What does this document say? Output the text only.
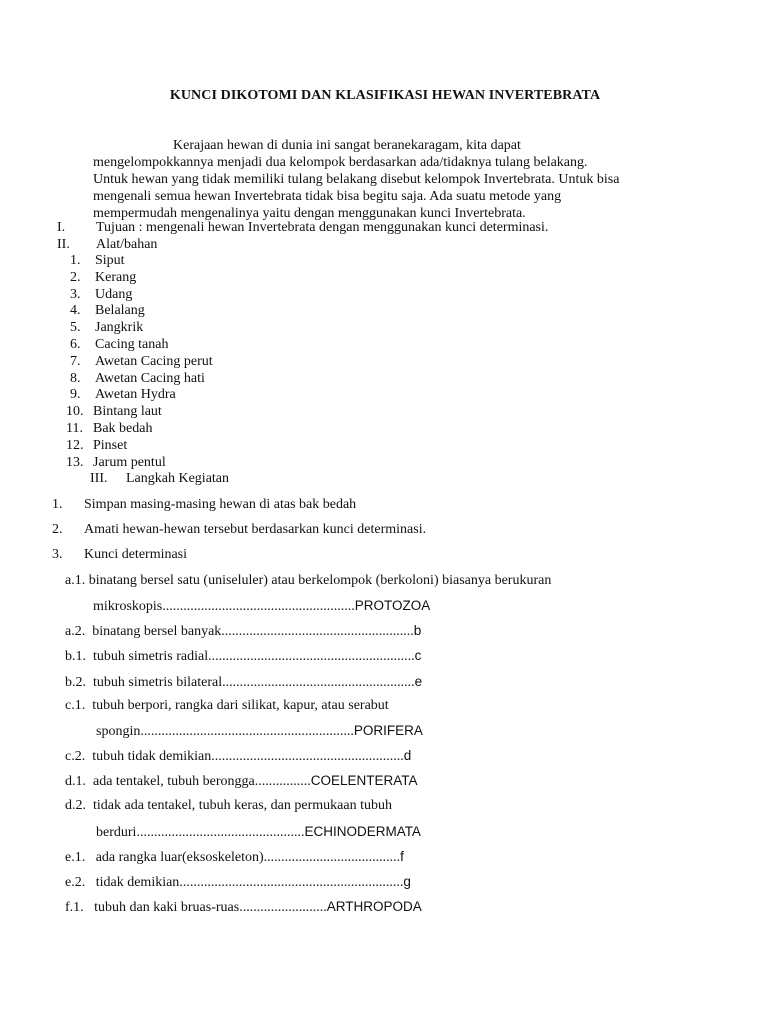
KUNCI DIKOTOMI DAN KLASIFIKASI HEWAN INVERTEBRATA

Kerajaan hewan di dunia ini sangat beranekaragam, kita dapat

mengelompokkannya menjadi dua kelompok berdasarkan ada/tidaknya tulang belakang.

Untuk hewan yang tidak memiliki tulang belakang disebut kelompok Invertebrata. Untuk bisa

mengenali semua hewan Invertebrata tidak bisa begitu saja. Ada suatu metode yang

mempermudah mengenalinya yaitu dengan menggunakan kunci Invertebrata.

I. Tujuan : mengenali hewan Invertebrata dengan menggunakan kunci determinasi.
II. Alat/bahan
1.	Siput
2.	Kerang
3.	Udang
4.	Belalang
5.	Jangkrik
6.	Cacing tanah
7.	Awetan Cacing perut
8.	Awetan Cacing hati
9.	Awetan Hydra
10. Bintang laut
11. Bak bedah
12. Pinset
13. Jarum pentul
III. Langkah Kegiatan
1. Simpan masing-masing hewan di atas bak bedah
2. Amati hewan-hewan tersebut berdasarkan kunci determinasi.
3. Kunci determinasi
a.1. binatang bersel satu (uniseluler) atau berkelompok (berkoloni) biasanya berukuran
mikroskopis.......................................................PROTOZOA
a.2. binatang bersel banyak.......................................................b
b.1. tubuh simetris radial...........................................................c
b.2. tubuh simetris bilateral.......................................................e
c.1. tubuh berpori, rangka dari silikat, kapur, atau serabut
spongin.............................................................PORIFERA
c.2. tubuh tidak demikian.......................................................d
d.1. ada tentakel, tubuh berongga................COELENTERATA
d.2. tidak ada tentakel, tubuh keras, dan permukaan tubuh
berduri................................................ECHINODERMATA
e.1. ada rangka luar(eksoskeleton).......................................f
e.2. tidak demikian................................................................g
f.1. tubuh dan kaki bruas-ruas.........................ARTHROPODA
